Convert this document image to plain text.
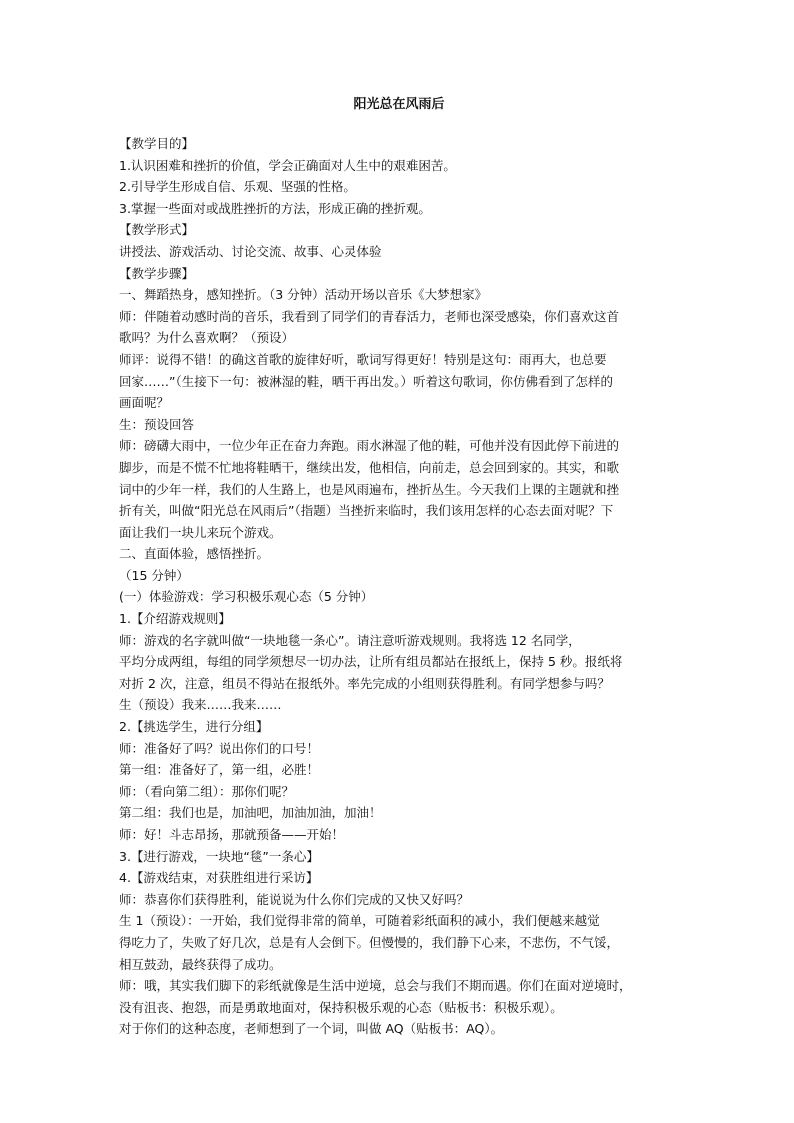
阳光总在风雨后

【教学目的】

1.认识困难和挫折的价值，学会正确面对人生中的艰难困苦。

2.引导学生形成自信、乐观、坚强的性格。

3.掌握一些面对或战胜挫折的方法，形成正确的挫折观。

【教学形式】

讲授法、游戏活动、讨论交流、故事、心灵体验

【教学步骤】

一、舞蹈热身，感知挫折。（3 分钟）活动开场以音乐《大梦想家》

师：伴随着动感时尚的音乐，我看到了同学们的青春活力，老师也深受感染，你们喜欢这首

歌吗？为什么喜欢啊？（预设）

师评：说得不错！的确这首歌的旋律好听，歌词写得更好！特别是这句：雨再大，也总要

回家……”（生接下一句：被淋湿的鞋，晒干再出发。）听着这句歌词，你仿佛看到了怎样的

画面呢？

生：预设回答

师：磅礴大雨中，一位少年正在奋力奔跑。雨水淋湿了他的鞋，可他并没有因此停下前进的

脚步，而是不慌不忙地将鞋晒干，继续出发，他相信，向前走，总会回到家的。其实，和歌

词中的少年一样，我们的人生路上，也是风雨遍布，挫折丛生。今天我们上课的主题就和挫

折有关，叫做“阳光总在风雨后”（指题）当挫折来临时，我们该用怎样的心态去面对呢？下

面让我们一块儿来玩个游戏。

二、直面体验，感悟挫折。

（15 分钟）

(一）体验游戏：学习积极乐观心态（5 分钟）

1.【介绍游戏规则】

师：游戏的名字就叫做“一块地毯一条心”。请注意听游戏规则。我将选 12 名同学，

平均分成两组，每组的同学须想尽一切办法，让所有组员都站在报纸上，保持 5 秒。报纸将

对折 2 次，注意，组员不得站在报纸外。率先完成的小组则获得胜利。有同学想参与吗？

生（预设）我来……我来……

2.【挑选学生，进行分组】

师：准备好了吗？说出你们的口号！

第一组：准备好了，第一组，必胜！

师：（看向第二组）：那你们呢？

第二组：我们也是，加油吧，加油加油，加油！

师：好！斗志昂扬，那就预备——开始！

3.【进行游戏，一块地“毯”一条心】

4.【游戏结束，对获胜组进行采访】

师：恭喜你们获得胜利，能说说为什么你们完成的又快又好吗？

生 1（预设）：一开始，我们觉得非常的简单，可随着彩纸面积的减小，我们便越来越觉

得吃力了，失败了好几次，总是有人会倒下。但慢慢的，我们静下心来，不悲伤，不气馁，

相互鼓劲，最终获得了成功。

师：哦，其实我们脚下的彩纸就像是生活中逆境，总会与我们不期而遇。你们在面对逆境时，

没有沮丧、抱怨，而是勇敢地面对，保持积极乐观的心态（贴板书：积极乐观）。

对于你们的这种态度，老师想到了一个词，叫做 AQ（贴板书：AQ）。
